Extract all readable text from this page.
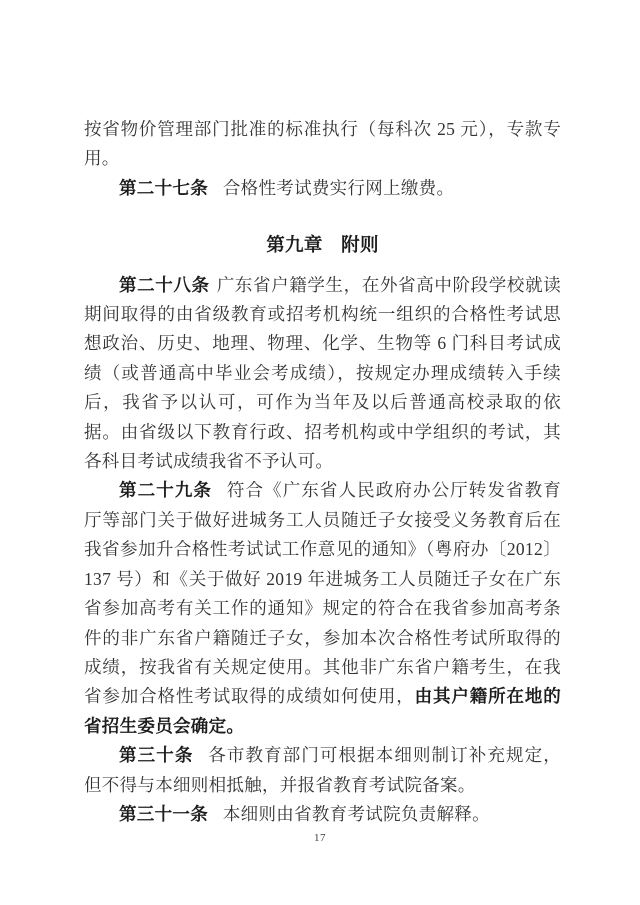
按省物价管理部门批准的标准执行（每科次 25 元），专款专用。

第二十七条 合格性考试费实行网上缴费。

第九章 附则

第二十八条 广东省户籍学生，在外省高中阶段学校就读期间取得的由省级教育或招考机构统一组织的合格性考试思想政治、历史、地理、物理、化学、生物等 6 门科目考试成绩（或普通高中毕业会考成绩），按规定办理成绩转入手续后，我省予以认可，可作为当年及以后普通高校录取的依据。由省级以下教育行政、招考机构或中学组织的考试，其各科目考试成绩我省不予认可。

第二十九条 符合《广东省人民政府办公厅转发省教育厅等部门关于做好进城务工人员随迁子女接受义务教育后在我省参加升合格性考试试工作意见的通知》（粤府办〔2012〕137 号）和《关于做好 2019 年进城务工人员随迁子女在广东省参加高考有关工作的通知》规定的符合在我省参加高考条件的非广东省户籍随迁子女，参加本次合格性考试所取得的成绩，按我省有关规定使用。其他非广东省户籍考生，在我省参加合格性考试取得的成绩如何使用，由其户籍所在地的省招生委员会确定。

第三十条 各市教育部门可根据本细则制订补充规定，但不得与本细则相抵触，并报省教育考试院备案。

第三十一条 本细则由省教育考试院负责解释。

17
